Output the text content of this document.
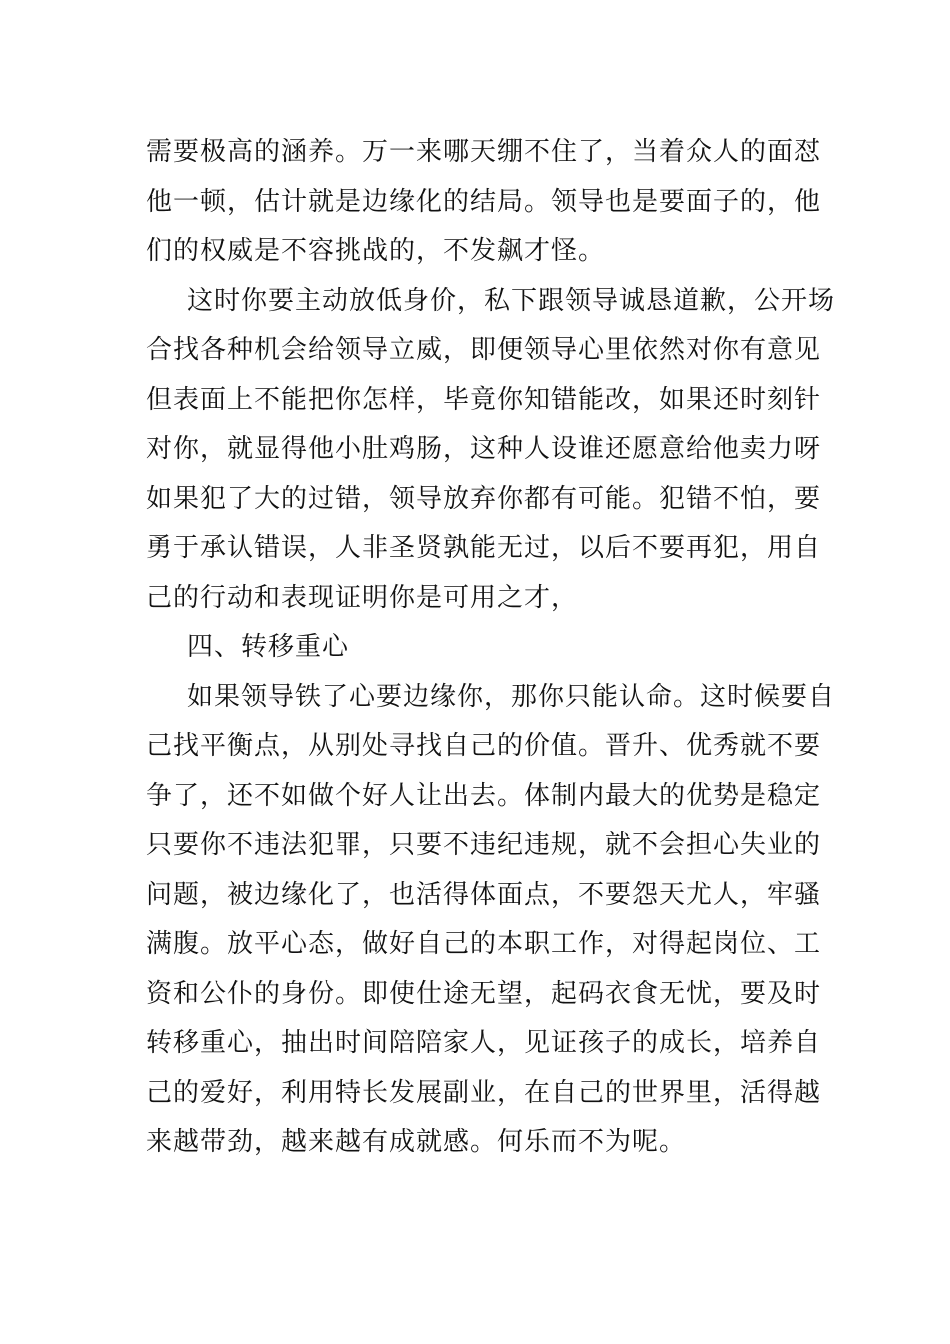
需要极高的涵养。万一来哪天绷不住了，当着众人的面怼
他一顿，估计就是边缘化的结局。领导也是要面子的，他
们的权威是不容挑战的，不发飙才怪。
这时你要主动放低身价，私下跟领导诚恳道歉，公开场
合找各种机会给领导立威，即便领导心里依然对你有意见
但表面上不能把你怎样，毕竟你知错能改，如果还时刻针
对你，就显得他小肚鸡肠，这种人设谁还愿意给他卖力呀
如果犯了大的过错，领导放弃你都有可能。犯错不怕，要
勇于承认错误，人非圣贤孰能无过，以后不要再犯，用自
己的行动和表现证明你是可用之才，
四、转移重心
如果领导铁了心要边缘你，那你只能认命。这时候要自
己找平衡点，从别处寻找自己的价值。晋升、优秀就不要
争了，还不如做个好人让出去。体制内最大的优势是稳定
只要你不违法犯罪，只要不违纪违规，就不会担心失业的
问题，被边缘化了，也活得体面点，不要怨天尤人，牢骚
满腹。放平心态，做好自己的本职工作，对得起岗位、工
资和公仆的身份。即使仕途无望，起码衣食无忧，要及时
转移重心，抽出时间陪陪家人，见证孩子的成长，培养自
己的爱好，利用特长发展副业，在自己的世界里，活得越
来越带劲，越来越有成就感。何乐而不为呢。
